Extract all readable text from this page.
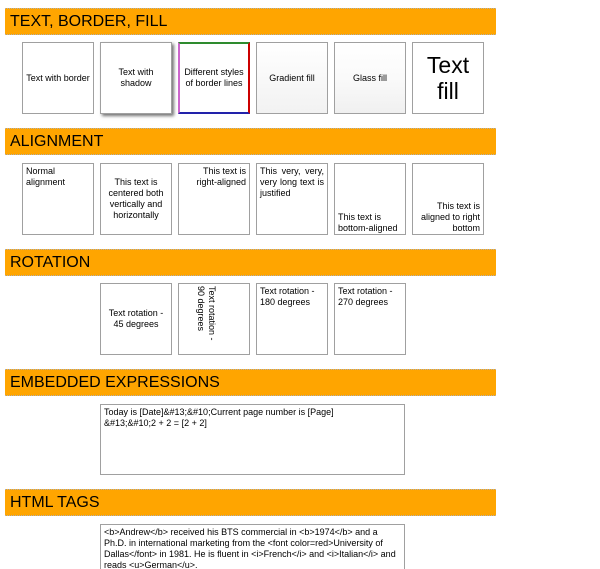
TEXT, BORDER, FILL
Text with border
Text with shadow
Different styles of border lines
Gradient fill	Glass fill	Text fill
ALIGNMENT
Normal alignment	This text is centered both vertically and horizontally
This text is right-aligned
This very, very, very long text is justified
This text is bottom-aligned
This text is aligned to right bottom
ROTATION
Text rotation - 45 degrees	Text rotation - 90 degrees	Text rotation - 180 degrees
Text rotation - 270 degrees
EMBEDDED EXPRESSIONS

Today is [Date]&#13;&#10;Current page number is [Page]

&#13;&#10;2 + 2 = [2 + 2]

HTML TAGS

<b>Andrew</b> received his BTS commercial in <b>1974</b> and a Ph.D. in international marketing from the <font color=red>University of Dallas</font> in 1981. He is fluent in <i>French</i> and <i>Italian</i> and reads <u>German</u>.
